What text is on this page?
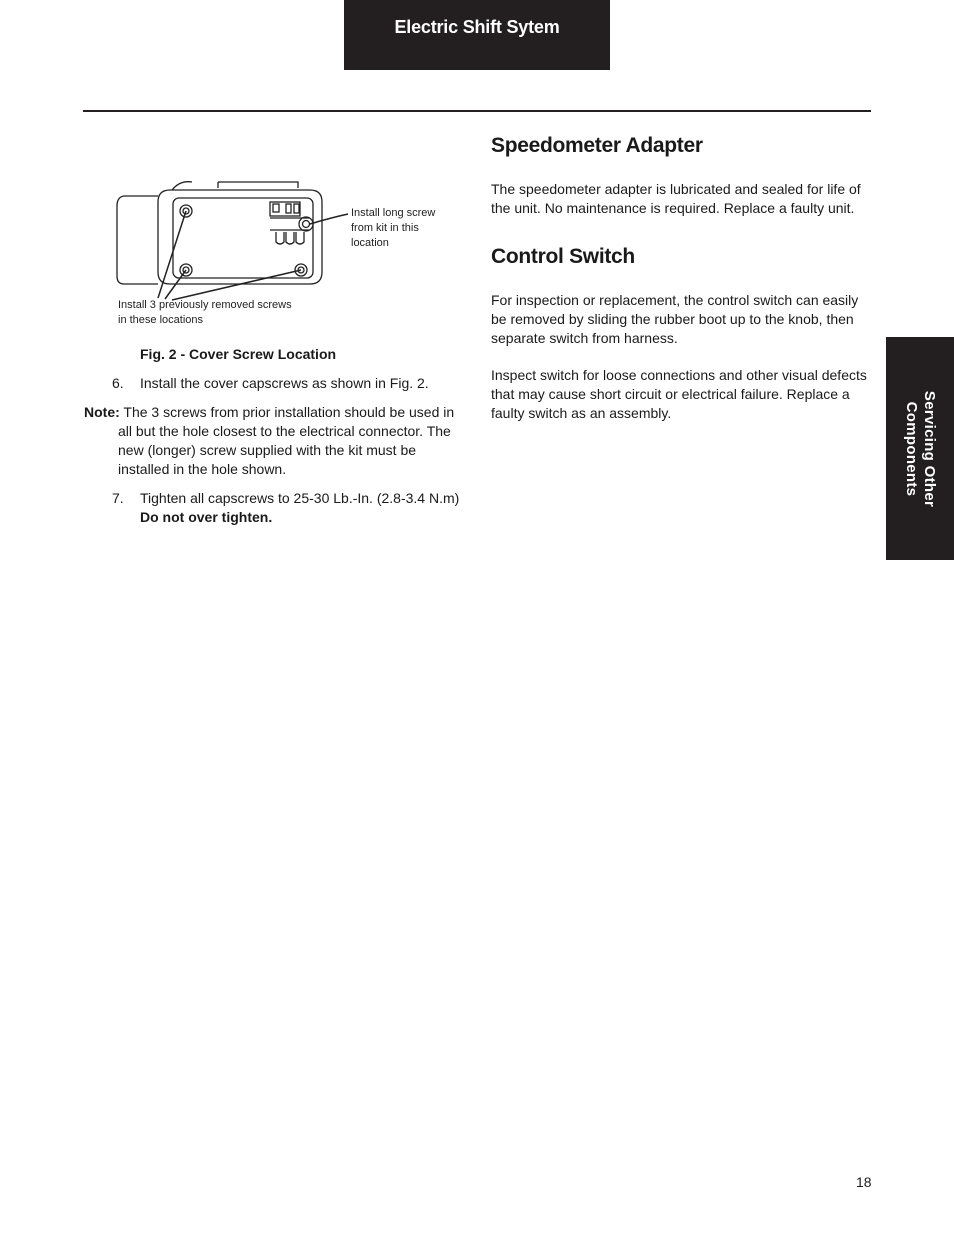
Electric Shift Sytem
Servicing Other
Components
Install long screw
from kit in this
location
Install 3 previously removed screws
in these locations
Fig. 2 - Cover Screw Location
6. Install the cover capscrews as shown in Fig. 2.
Note: The 3 screws from prior installation should be used in
all but the hole closest to the electrical connector. The new (longer) screw supplied with the kit must be installed in the hole shown.
7. Tighten all capscrews to 25-30 Lb.-In. (2.8-3.4 N.m)
Do not over tighten.
Speedometer Adapter
The speedometer adapter is lubricated and sealed for life of the unit. No maintenance is required. Replace a faulty unit.
Control Switch
For inspection or replacement, the control switch can easily be removed by sliding the rubber boot up to the knob, then separate switch from harness.
Inspect switch for loose connections and other visual defects that may cause short circuit or electrical failure. Replace a faulty switch as an assembly.
18
